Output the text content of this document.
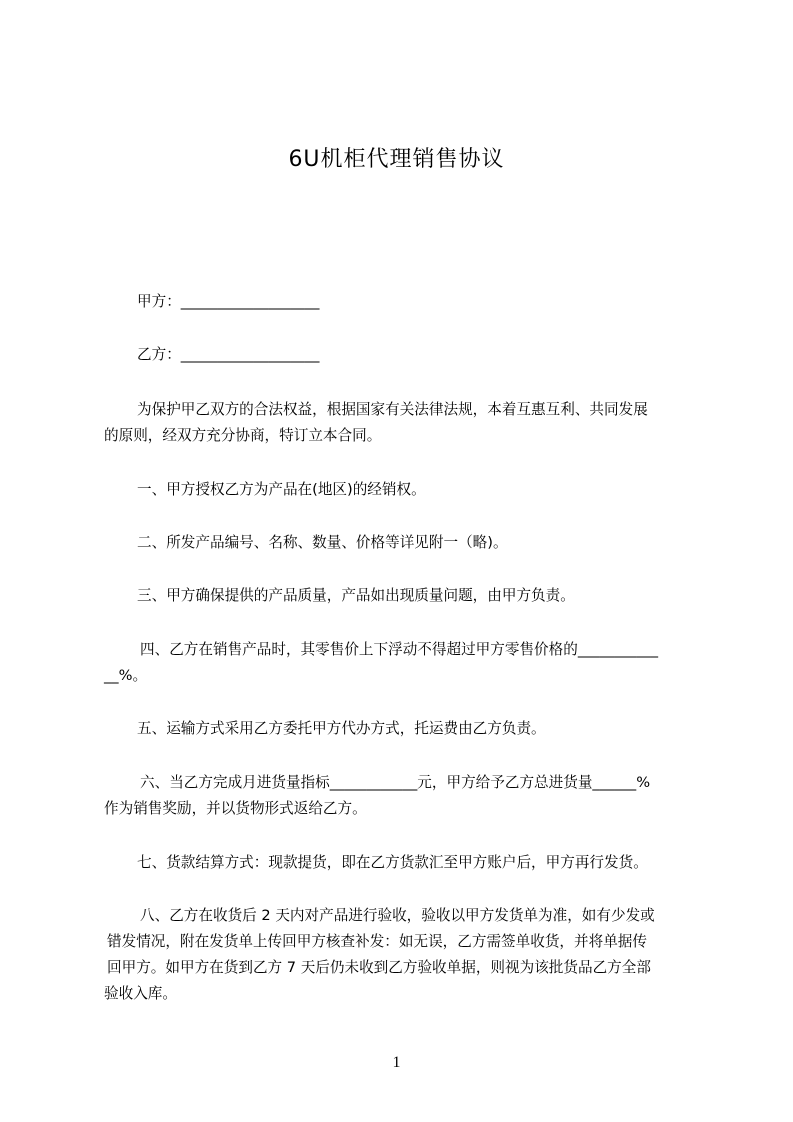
6U机柜代理销售协议
甲方：___________________
乙方：___________________
为保护甲乙双方的合法权益，根据国家有关法律法规，本着互惠互利、共同发展
的原则，经双方充分协商，特订立本合同。
一、甲方授权乙方为产品在(地区)的经销权。
二、所发产品编号、名称、数量、价格等详见附一（略)。
三、甲方确保提供的产品质量，产品如出现质量问题，由甲方负责。
四、乙方在销售产品时，其零售价上下浮动不得超过甲方零售价格的___________
__%。
五、运输方式采用乙方委托甲方代办方式，托运费由乙方负责。
六、当乙方完成月进货量指标____________元，甲方给予乙方总进货量______%
作为销售奖励，并以货物形式返给乙方。
七、货款结算方式：现款提货，即在乙方货款汇至甲方账户后，甲方再行发货。
八、乙方在收货后 2 天内对产品进行验收，验收以甲方发货单为准，如有少发或
错发情况，附在发货单上传回甲方核查补发：如无误，乙方需签单收货，并将单据传
回甲方。如甲方在货到乙方 7 天后仍未收到乙方验收单据，则视为该批货品乙方全部
验收入库。
1
